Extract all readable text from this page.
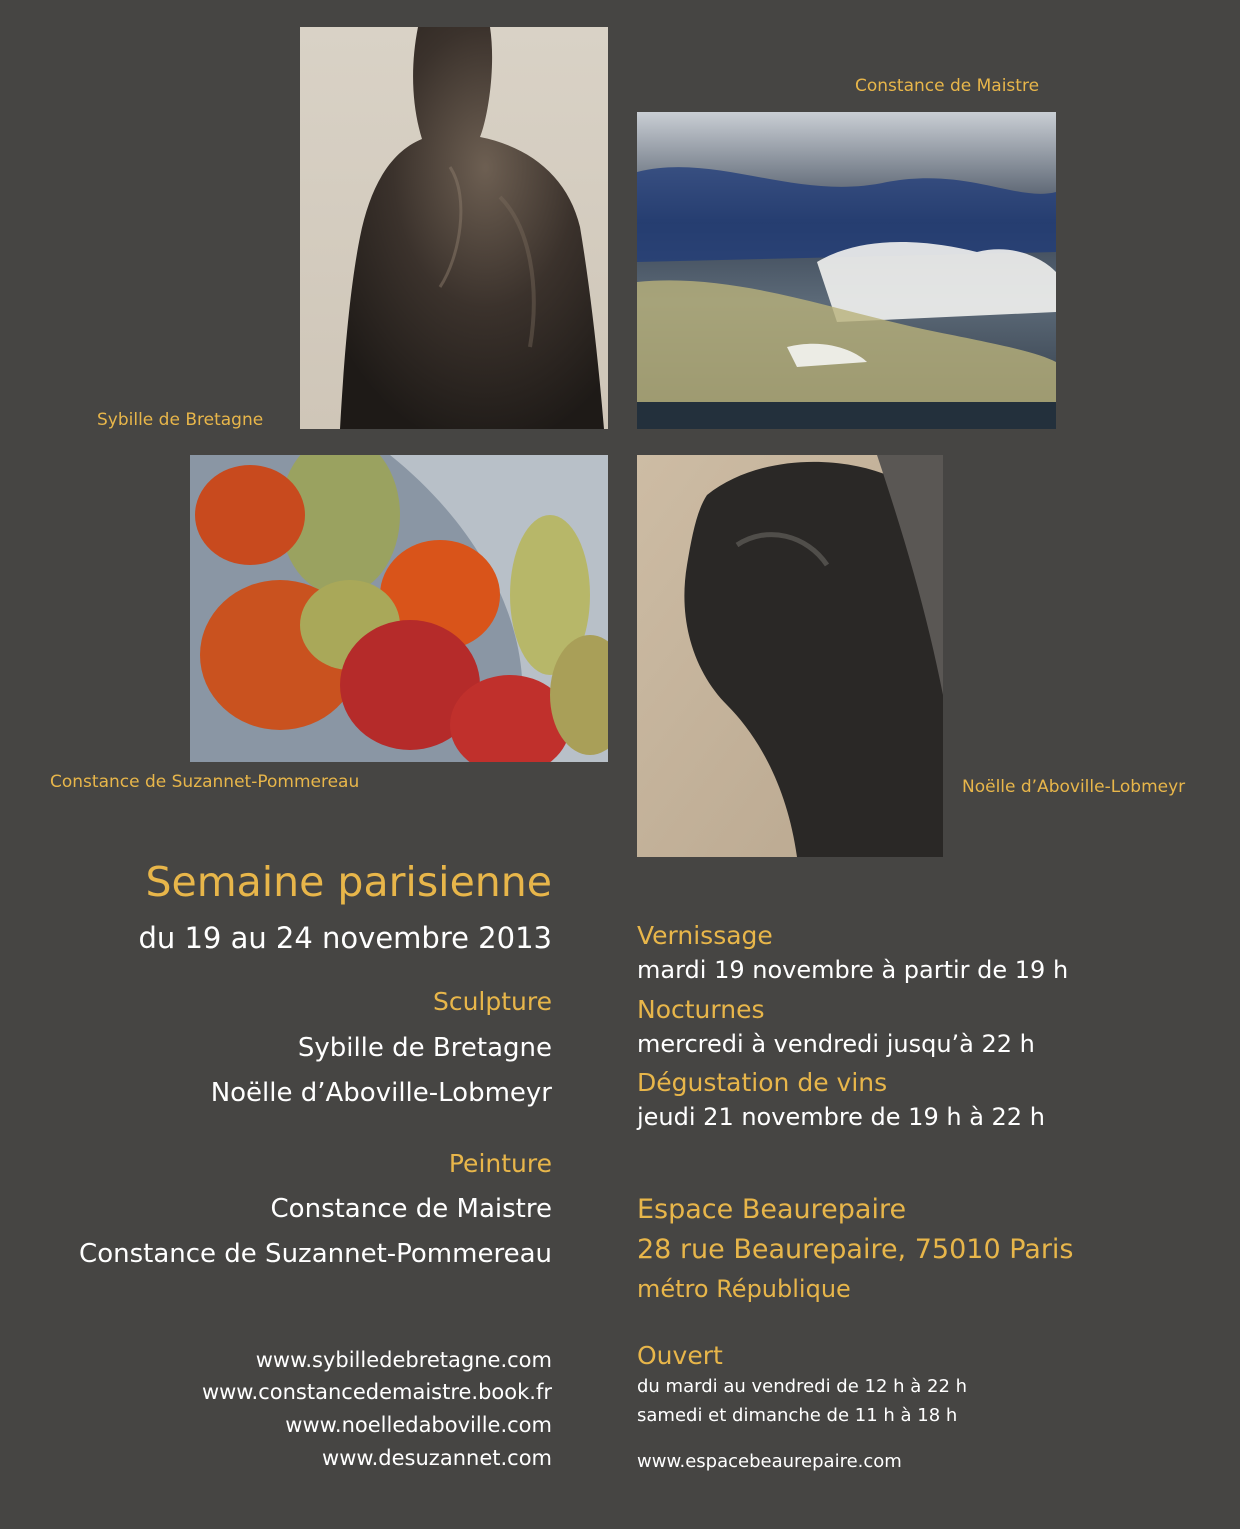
Sybille de Bretagne
Constance de Maistre
Constance de Suzannet-Pommereau	Noëlle d’Aboville-Lobmeyr
Semaine parisienne
du 19 au 24 novembre 2013
Sculpture
Sybille de Bretagne
Noëlle d’Aboville-Lobmeyr
Peinture
Constance de Maistre
Constance de Suzannet-Pommereau
www.sybilledebretagne.com
www.constancedemaistre.book.fr
www.noelledaboville.com
www.desuzannet.com
Vernissage
mardi 19 novembre à partir de 19 h
Nocturnes
mercredi à vendredi jusqu’à 22 h
Dégustation de vins
jeudi 21 novembre de 19 h à 22 h
Espace Beaurepaire
28 rue Beaurepaire, 75010 Paris
métro République
Ouvert
du mardi au vendredi de 12 h à 22 h
samedi et dimanche de 11 h à 18 h
www.espacebeaurepaire.com
